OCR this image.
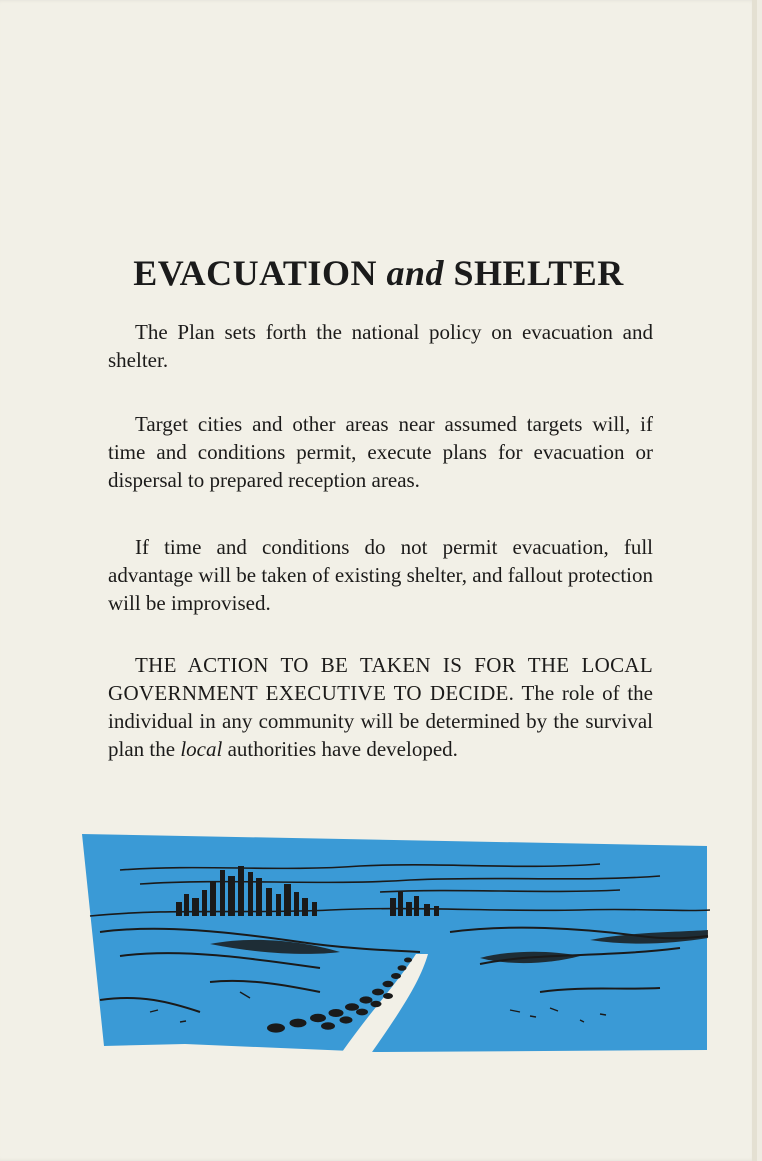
EVACUATION and SHELTER

The Plan sets forth the national policy on evacuation and shelter.

Target cities and other areas near assumed targets will, if time and conditions permit, execute plans for evacuation or dispersal to prepared reception areas.

If time and conditions do not permit evacuation, full advantage will be taken of existing shelter, and fallout protection will be improvised.

THE ACTION TO BE TAKEN IS FOR THE LOCAL GOVERNMENT EXECUTIVE TO DECIDE. The role of the individual in any community will be determined by the survival plan the local authorities have developed.
